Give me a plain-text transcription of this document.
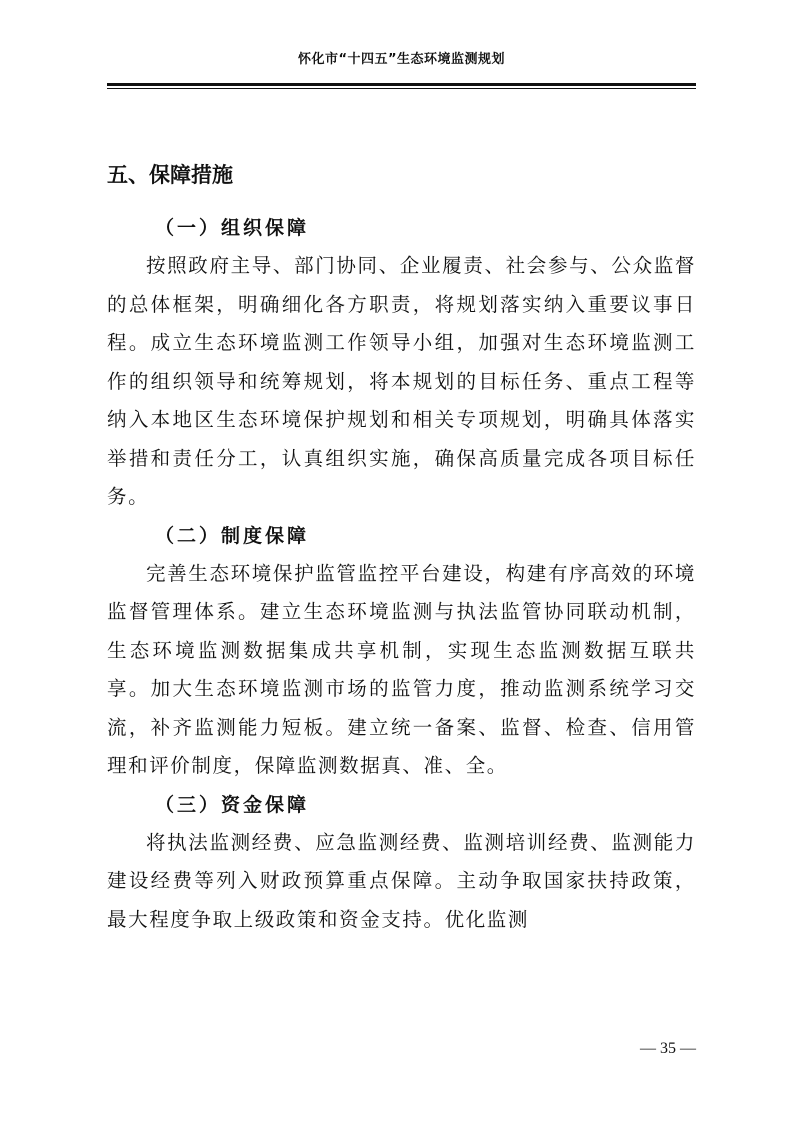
怀化市“十四五”生态环境监测规划
五、保障措施
（一）组织保障

按照政府主导、部门协同、企业履责、社会参与、公众监督的总体框架，明确细化各方职责，将规划落实纳入重要议事日程。成立生态环境监测工作领导小组，加强对生态环境监测工作的组织领导和统筹规划，将本规划的目标任务、重点工程等纳入本地区生态环境保护规划和相关专项规划，明确具体落实举措和责任分工，认真组织实施，确保高质量完成各项目标任务。

（二）制度保障

完善生态环境保护监管监控平台建设，构建有序高效的环境监督管理体系。建立生态环境监测与执法监管协同联动机制，生态环境监测数据集成共享机制，实现生态监测数据互联共享。加大生态环境监测市场的监管力度，推动监测系统学习交流，补齐监测能力短板。建立统一备案、监督、检查、信用管理和评价制度，保障监测数据真、准、全。

（三）资金保障

将执法监测经费、应急监测经费、监测培训经费、监测能力建设经费等列入财政预算重点保障。主动争取国家扶持政策，最大程度争取上级政策和资金支持。优化监测

— 35 —
